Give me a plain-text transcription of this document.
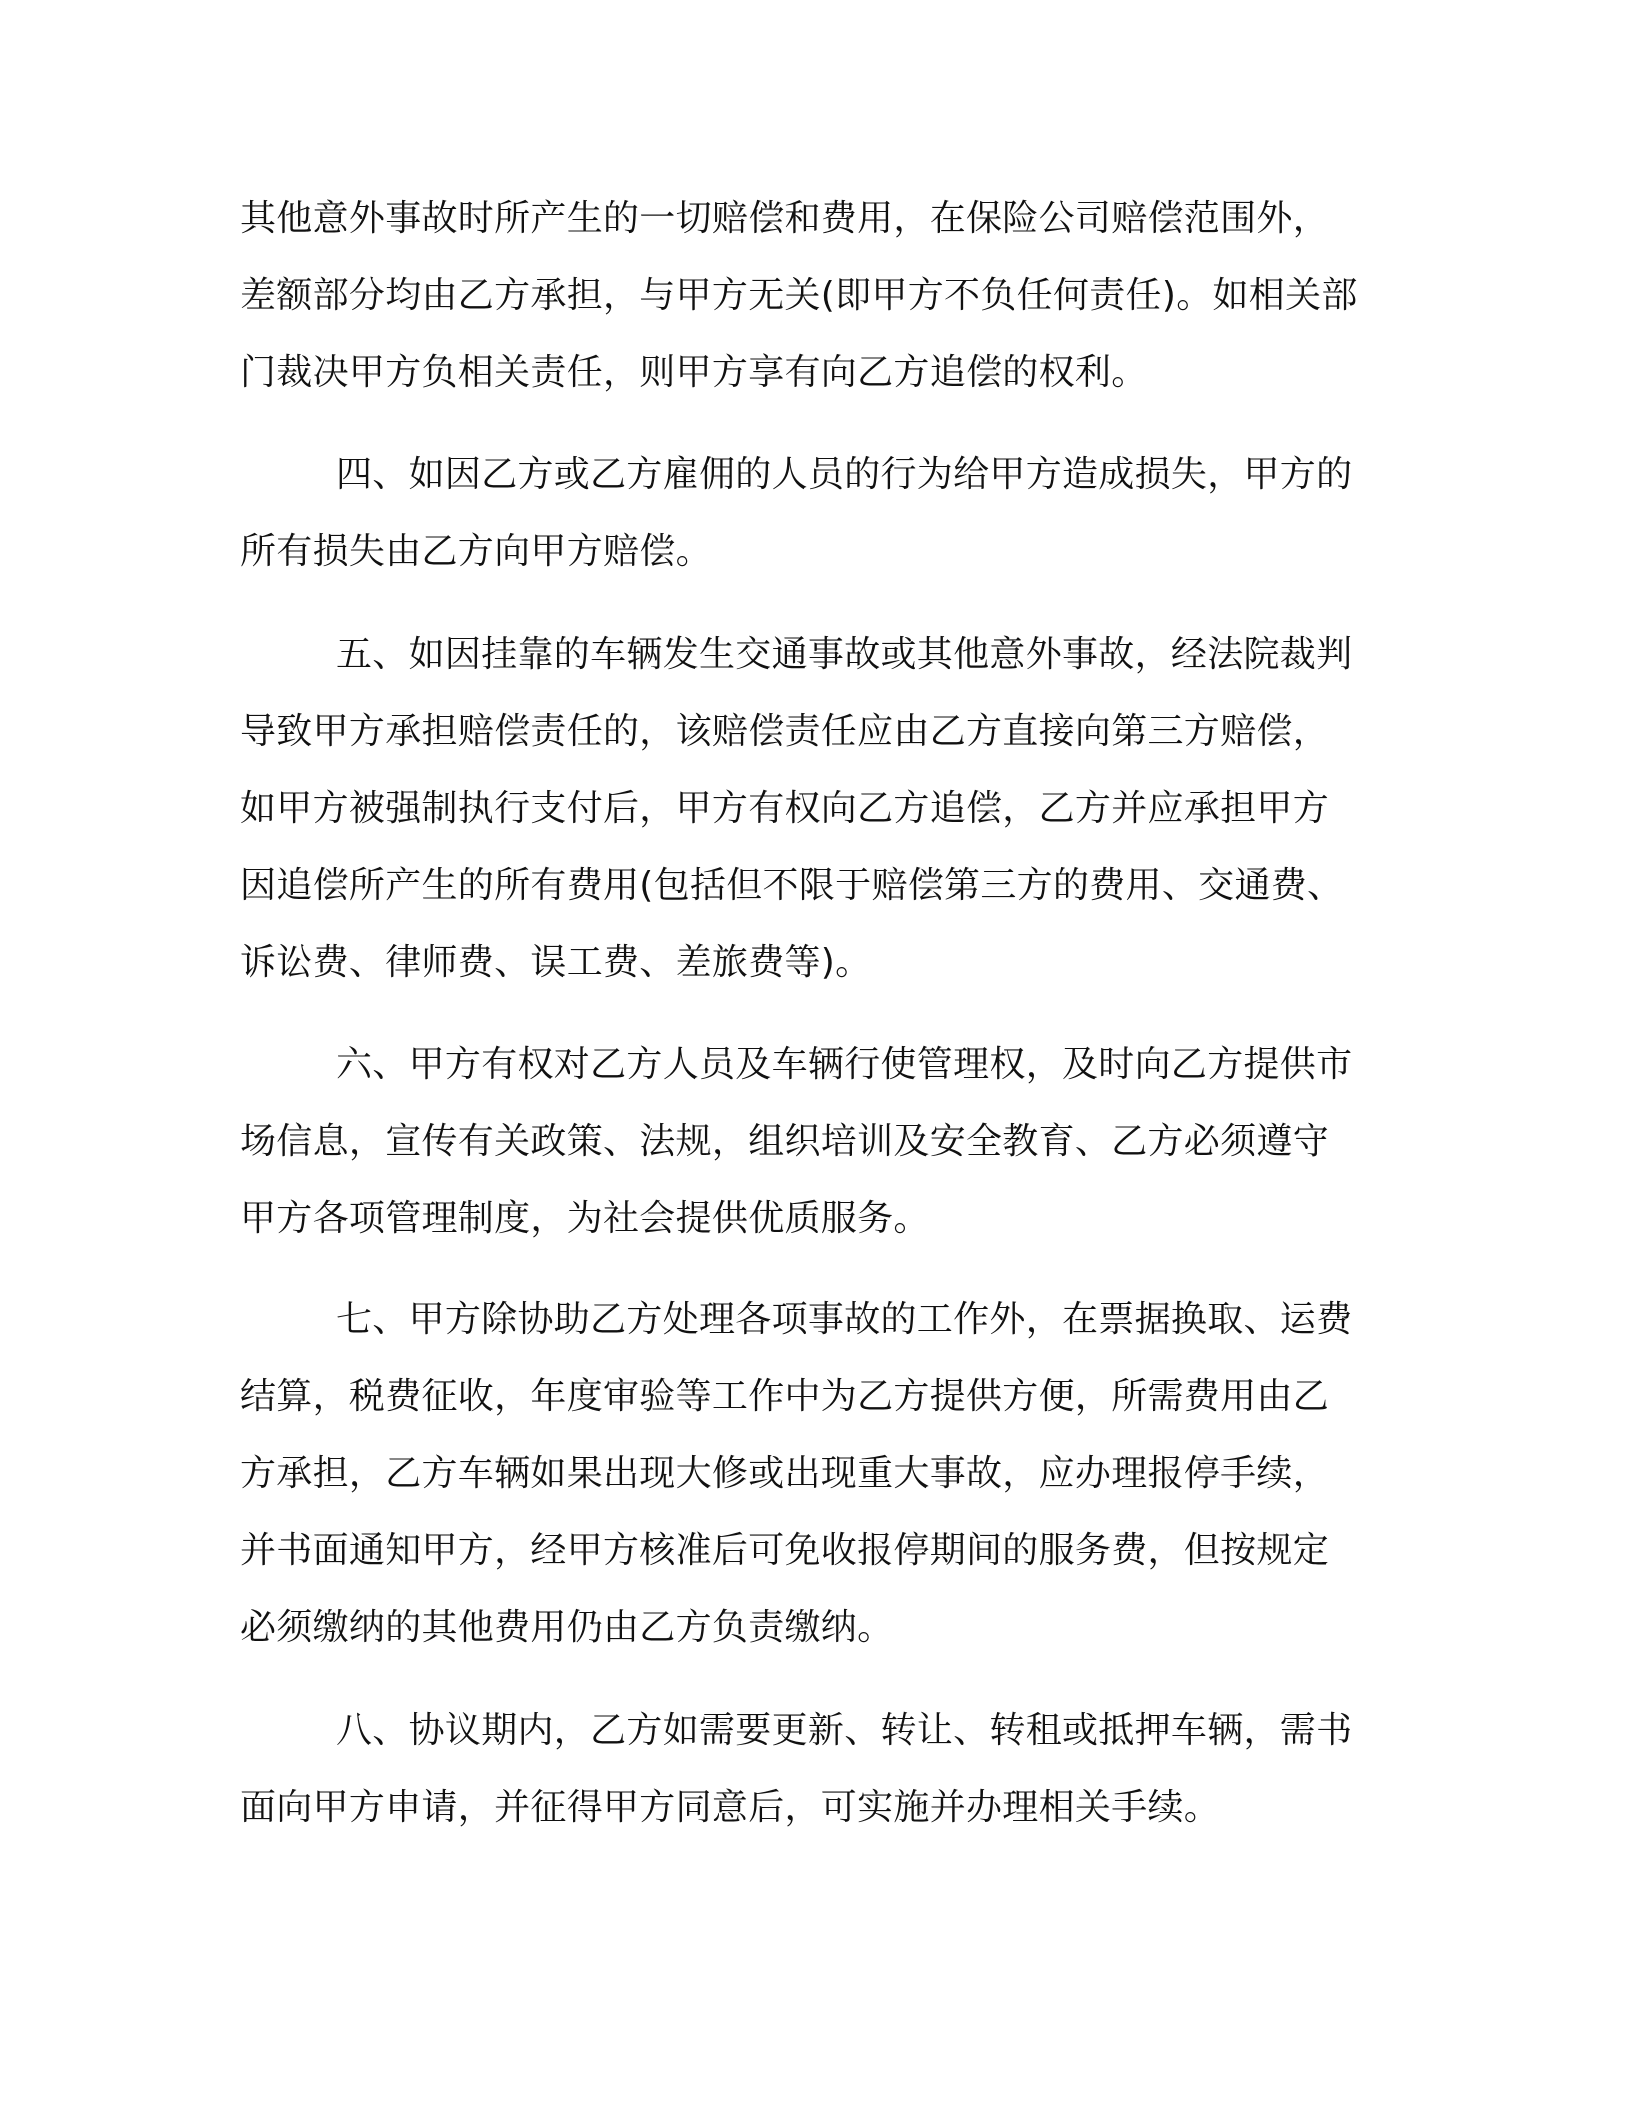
其他意外事故时所产生的一切赔偿和费用，在保险公司赔偿范围外，
差额部分均由乙方承担，与甲方无关(即甲方不负任何责任)。如相关部
门裁决甲方负相关责任，则甲方享有向乙方追偿的权利。
四、如因乙方或乙方雇佣的人员的行为给甲方造成损失，甲方的
所有损失由乙方向甲方赔偿。
五、如因挂靠的车辆发生交通事故或其他意外事故，经法院裁判
导致甲方承担赔偿责任的，该赔偿责任应由乙方直接向第三方赔偿，
如甲方被强制执行支付后，甲方有权向乙方追偿，乙方并应承担甲方
因追偿所产生的所有费用(包括但不限于赔偿第三方的费用、交通费、
诉讼费、律师费、误工费、差旅费等)。
六、甲方有权对乙方人员及车辆行使管理权，及时向乙方提供市
场信息，宣传有关政策、法规，组织培训及安全教育、乙方必须遵守
甲方各项管理制度，为社会提供优质服务。
七、甲方除协助乙方处理各项事故的工作外，在票据换取、运费
结算，税费征收，年度审验等工作中为乙方提供方便，所需费用由乙
方承担，乙方车辆如果出现大修或出现重大事故，应办理报停手续，
并书面通知甲方，经甲方核准后可免收报停期间的服务费，但按规定
必须缴纳的其他费用仍由乙方负责缴纳。
八、协议期内，乙方如需要更新、转让、转租或抵押车辆，需书
面向甲方申请，并征得甲方同意后，可实施并办理相关手续。
